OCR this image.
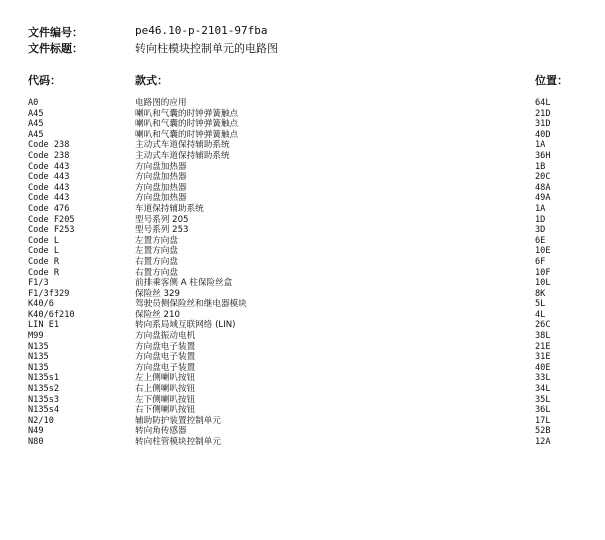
文件编号：	pe46.10-p-2101-97fba
文件标题：	转向柱模块控制单元的电路图
代码：	款式：	位置：
A0	电路图的应用	64L
A45	喇叭和气囊的时钟弹簧触点	21D
A45	喇叭和气囊的时钟弹簧触点	31D
A45	喇叭和气囊的时钟弹簧触点	40D
Code 238	主动式车道保持辅助系统	1A
Code 238	主动式车道保持辅助系统	36H
Code 443	方向盘加热器	1B
Code 443	方向盘加热器	20C
Code 443	方向盘加热器	48A
Code 443	方向盘加热器	49A
Code 476	车道保持辅助系统	1A
Code F205	型号系列 205	1D
Code F253	型号系列 253	3D
Code L	左置方向盘	6E
Code L	左置方向盘	10E
Code R	右置方向盘	6F
Code R	右置方向盘	10F
F1/3	前排乘客侧 A 柱保险丝盒	10L
F1/3f329	保险丝 329	8K
K40/6	驾驶员侧保险丝和继电器模块	5L
K40/6f210	保险丝 210	4L
LIN E1	转向系局域互联网络 (LIN)	26C
M99	方向盘振动电机	38L
N135	方向盘电子装置	21E
N135	方向盘电子装置	31E
N135	方向盘电子装置	40E
N135s1	左上侧喇叭按钮	33L
N135s2	右上侧喇叭按钮	34L
N135s3	左下侧喇叭按钮	35L
N135s4	右下侧喇叭按钮	36L
N2/10	辅助防护装置控制单元	17L
N49	转向角传感器	52B
N80	转向柱管模块控制单元	12A
